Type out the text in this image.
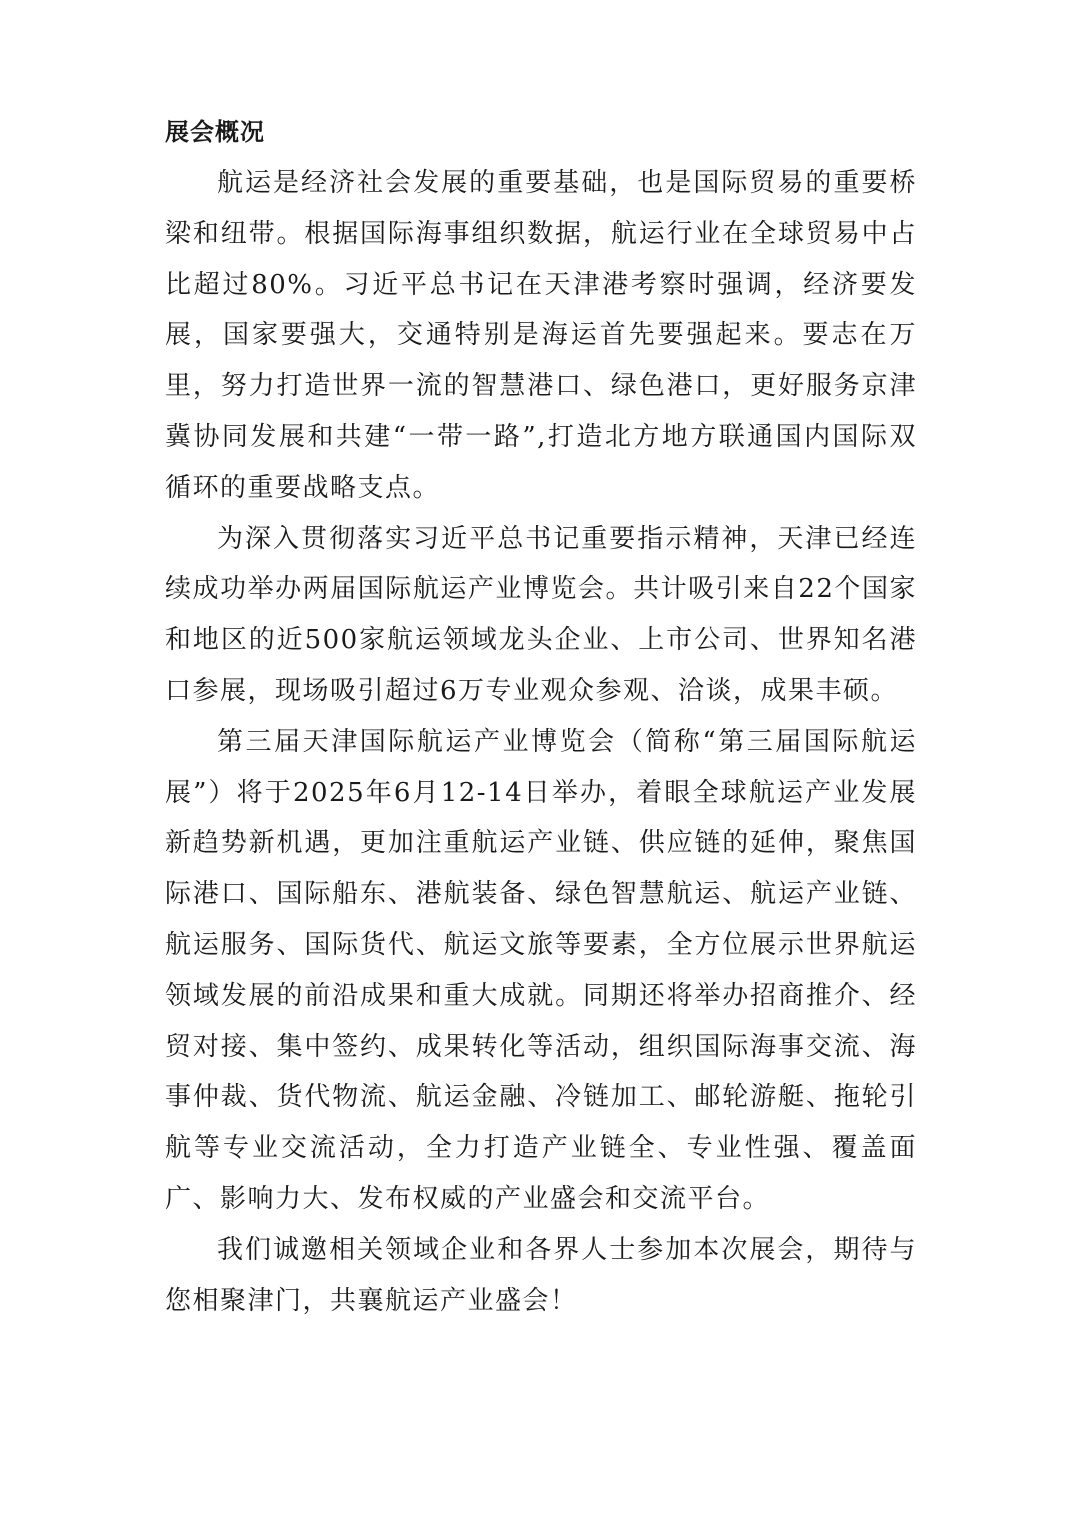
展会概况

航运是经济社会发展的重要基础，也是国际贸易的重要桥梁和纽带。根据国际海事组织数据，航运行业在全球贸易中占比超过80%。习近平总书记在天津港考察时强调，经济要发展，国家要强大，交通特别是海运首先要强起来。要志在万里，努力打造世界一流的智慧港口、绿色港口，更好服务京津冀协同发展和共建“一带一路”,打造北方地方联通国内国际双循环的重要战略支点。

为深入贯彻落实习近平总书记重要指示精神，天津已经连续成功举办两届国际航运产业博览会。共计吸引来自22个国家和地区的近500家航运领域龙头企业、上市公司、世界知名港口参展，现场吸引超过6万专业观众参观、洽谈，成果丰硕。

第三届天津国际航运产业博览会（简称“第三届国际航运展”）将于2025年6月12-14日举办，着眼全球航运产业发展新趋势新机遇，更加注重航运产业链、供应链的延伸，聚焦国际港口、国际船东、港航装备、绿色智慧航运、航运产业链、航运服务、国际货代、航运文旅等要素，全方位展示世界航运领域发展的前沿成果和重大成就。同期还将举办招商推介、经贸对接、集中签约、成果转化等活动，组织国际海事交流、海事仲裁、货代物流、航运金融、冷链加工、邮轮游艇、拖轮引航等专业交流活动，全力打造产业链全、专业性强、覆盖面广、影响力大、发布权威的产业盛会和交流平台。

我们诚邀相关领域企业和各界人士参加本次展会，期待与您相聚津门，共襄航运产业盛会！
